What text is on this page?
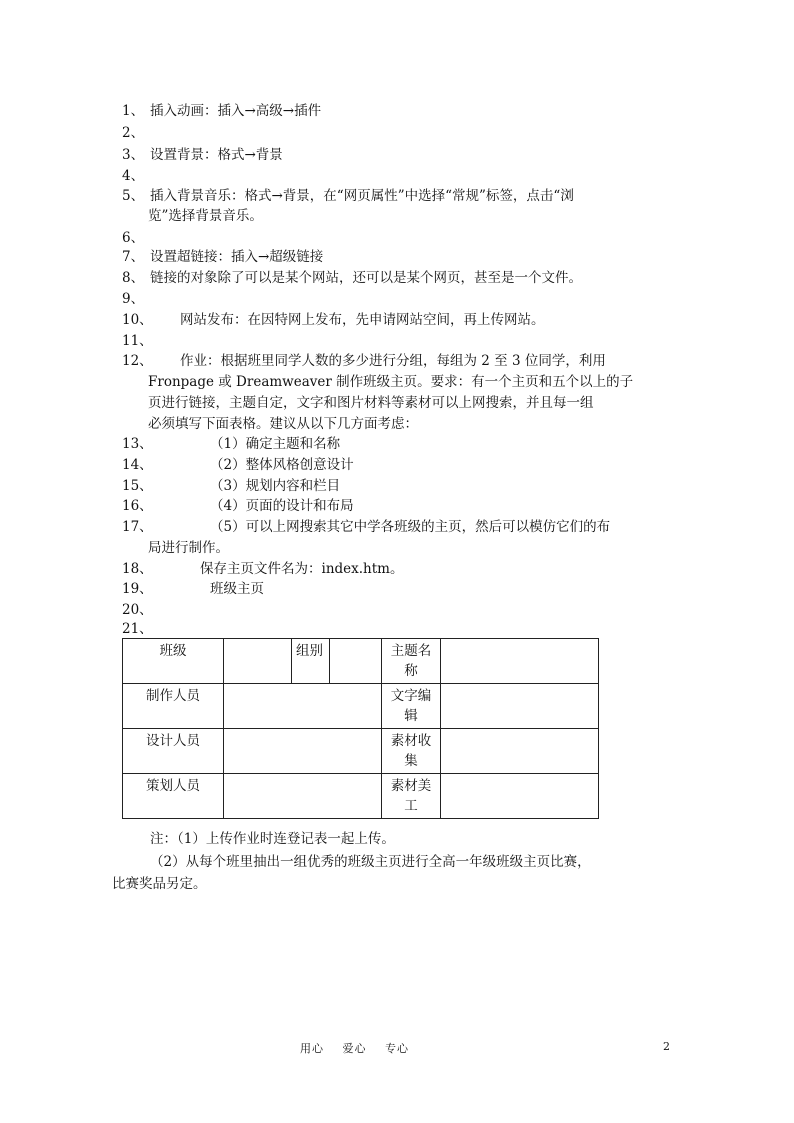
1、 插入动画：插入→高级→插件
2、
3、 设置背景：格式→背景
4、
5、 插入背景音乐：格式→背景，在“网页属性”中选择“常规”标签，点击“浏
览”选择背景音乐。
6、
7、 设置超链接：插入→超级链接
8、 链接的对象除了可以是某个网站，还可以是某个网页，甚至是一个文件。
9、
10、 网站发布：在因特网上发布，先申请网站空间，再上传网站。
11、
12、 作业：根据班里同学人数的多少进行分组，每组为 2 至 3 位同学，利用
Fronpage 或 Dreamweaver 制作班级主页。要求：有一个主页和五个以上的子
页进行链接，主题自定，文字和图片材料等素材可以上网搜索，并且每一组
必须填写下面表格。建议从以下几方面考虑：
13、	（1）确定主题和名称
14、	（2）整体风格创意设计
15、	（3）规划内容和栏目
16、	（4）页面的设计和布局
17、	（5）可以上网搜索其它中学各班级的主页，然后可以模仿它们的布
局进行制作。
18、	保存主页文件名为：index.htm。
19、	班级主页
20、
21、
班级		组别		主题名
称	
制作人员				文字编
辑	
设计人员				素材收
集	
策划人员				素材美
工	
注：（1）上传作业时连登记表一起上传。
（2）从每个班里抽出一组优秀的班级主页进行全高一年级班级主页比赛，
比赛奖品另定。
用心 爱心 专心	2
